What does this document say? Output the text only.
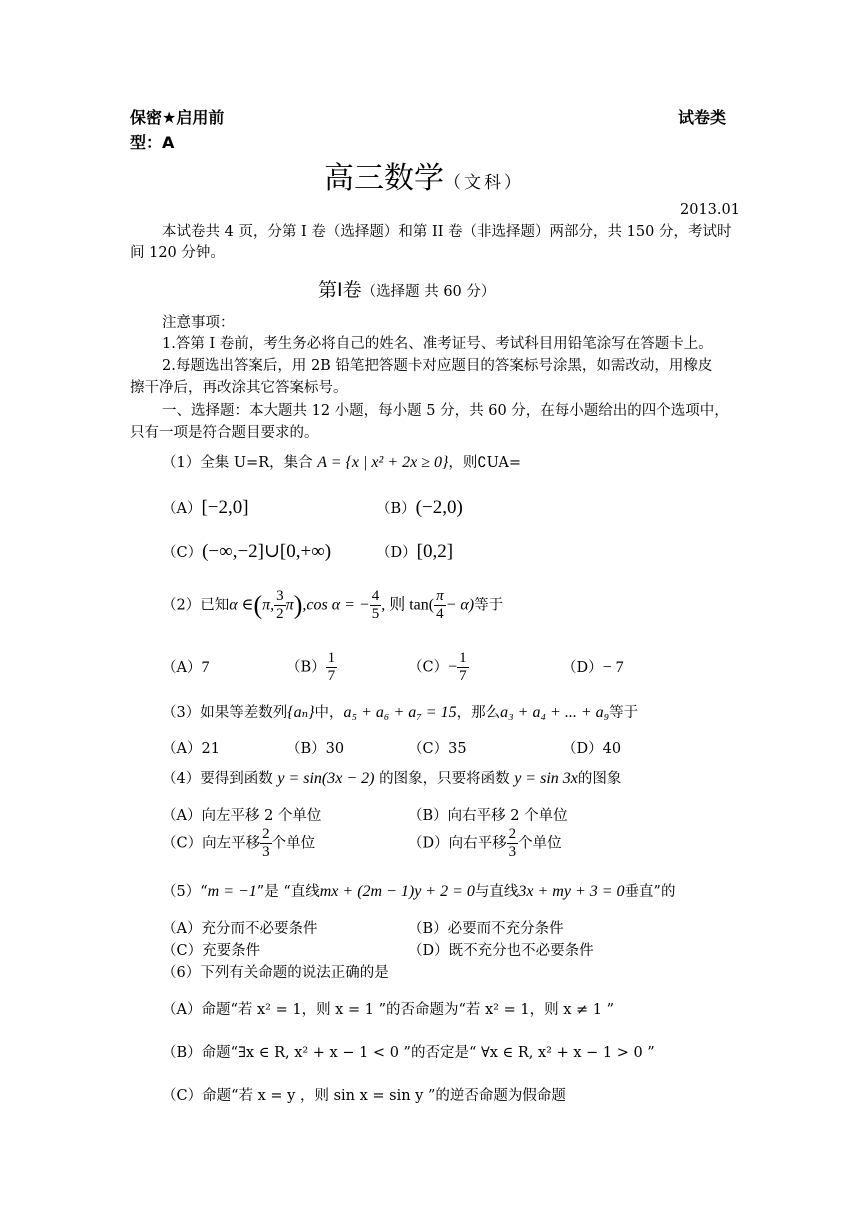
保密★启用前	试卷类
型：A
高三数学（文科）
2013.01
本试卷共 4 页，分第 I 卷（选择题）和第 II 卷（非选择题）两部分，共 150 分，考试时
间 120 分钟。
第Ⅰ卷（选择题 共 60 分）
注意事项：
1.答第 I 卷前，考生务必将自己的姓名、准考证号、考试科目用铅笔涂写在答题卡上。
2.每题选出答案后，用 2B 铅笔把答题卡对应题目的答案标号涂黑，如需改动，用橡皮
擦干净后，再改涂其它答案标号。
一、选择题：本大题共 12 小题，每小题 5 分，共 60 分，在每小题给出的四个选项中，
只有一项是符合题目要求的。
（1）全集 U=R，集合 A = {x | x² + 2x ≥ 0}，则∁UA=
（A）[−2,0]	（B）(−2,0)
（C）(−∞,−2]∪[0,+∞)	（D）[0,2]
（2）已知α ∈(π, $\frac{3}{2} \pi),\cos$ α = − $\frac{4}{5}$ , 则 $\tan( \frac{\pi}{4} - \alpha)$等于
（A）7	$(B) \frac{1}{7}$	$(C)- \frac{1}{7}$	（D）− 7
（3）如果等差数列{aₙ}中，a₅ + a₆ + a₇ = 15，那么a₃ + a₄ + ... + a₉等于
（A）21	（B）30	（C）35	（D）40
（4）要得到函数 y = sin(3x − 2) 的图象，只要将函数 y = sin 3x的图象
（A）向左平移 2 个单位	（B）向右平移 2 个单位
（C）向左平移 $\frac{2}{3}$ 个单位	（D）向右平移 $\frac{2}{3}$ 个单位
（5）“m = −1”是 “直线mx + (2m − 1)y + 2 = 0与直线3x + my + 3 = 0垂直”的
（A）充分而不必要条件	（B）必要而不充分条件
（C）充要条件	（D）既不充分也不必要条件
（6）下列有关命题的说法正确的是
（A）命题“若 x² = 1，则 x = 1 ”的否命题为“若 x² = 1，则 x ≠ 1 ”
（B）命题“∃x ∈ R, x² + x − 1 < 0 ”的否定是“ ∀x ∈ R, x² + x − 1 > 0 ”
（C）命题“若 x = y ，则 sin x = sin y ”的逆否命题为假命题
